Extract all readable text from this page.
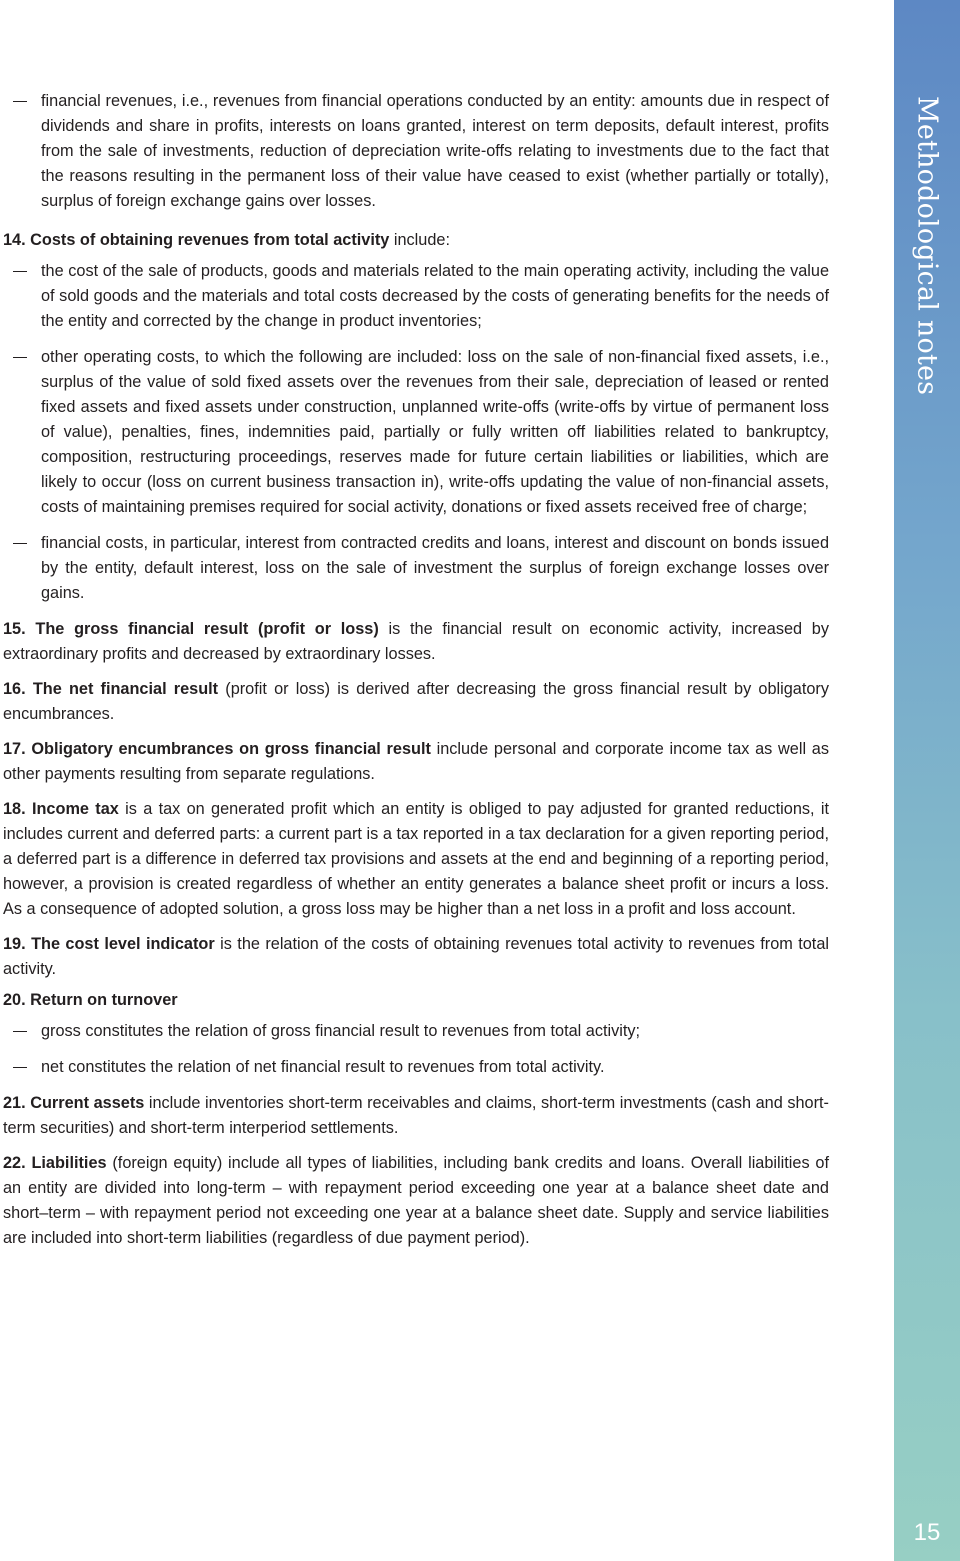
Methodological notes
15
financial revenues, i.e., revenues from financial operations conducted by an entity: amounts due in respect of dividends and share in profits, interests on loans granted, interest on term deposits, default interest, profits from the sale of investments, reduction of depreciation write-offs relating to investments due to the fact that the reasons resulting in the permanent loss of their value have ceased to exist (whether partially or totally), surplus of foreign exchange gains over losses.

14. Costs of obtaining revenues from total activity include:

the cost of the sale of products, goods and materials related to the main operating activity, including the value of sold goods and the materials and total costs decreased by the costs of generating benefits for the needs of the entity and corrected by the change in product inventories;
other operating costs, to which the following are included: loss on the sale of non-financial fixed assets, i.e., surplus of the value of sold fixed assets over the revenues from their sale, depreciation of leased or rented fixed assets and fixed assets under construction, unplanned write-offs (write-offs by virtue of permanent loss of value), penalties, fines, indemnities paid, partially or fully written off liabilities related to bankruptcy, composition, restructuring proceedings, reserves made for future certain liabilities or liabilities, which are likely to occur (loss on current business transaction in), write-offs updating the value of non-financial assets, costs of maintaining premises required for social activity, donations or fixed assets received free of charge;
financial costs, in particular, interest from contracted credits and loans, interest and discount on bonds issued by the entity, default interest, loss on the sale of investment the surplus of foreign exchange losses over gains.

15. The gross financial result (profit or loss) is the financial result on economic activity, increased by extraordinary profits and decreased by extraordinary losses.

16. The net financial result (profit or loss) is derived after decreasing the gross financial result by obligatory encumbrances.

17. Obligatory encumbrances on gross financial result include personal and corporate income tax as well as other payments resulting from separate regulations.

18. Income tax is a tax on generated profit which an entity is obliged to pay adjusted for granted reductions, it includes current and deferred parts: a current part is a tax reported in a tax declaration for a given reporting period, a deferred part is a difference in deferred tax provisions and assets at the end and beginning of a reporting period, however, a provision is created regardless of whether an entity generates a balance sheet profit or incurs a loss. As a consequence of adopted solution, a gross loss may be higher than a net loss in a profit and loss account.

19. The cost level indicator is the relation of the costs of obtaining revenues total activity to revenues from total activity.

20. Return on turnover

gross constitutes the relation of gross financial result to revenues from total activity;
net constitutes the relation of net financial result to revenues from total activity.

21. Current assets include inventories short-term receivables and claims, short-term investments (cash and short-term securities) and short-term interperiod settlements.

22. Liabilities (foreign equity) include all types of liabilities, including bank credits and loans. Overall liabilities of an entity are divided into long-term – with repayment period exceeding one year at a balance sheet date and short–term – with repayment period not exceeding one year at a balance sheet date. Supply and service liabilities are included into short-term liabilities (regardless of due payment period).
